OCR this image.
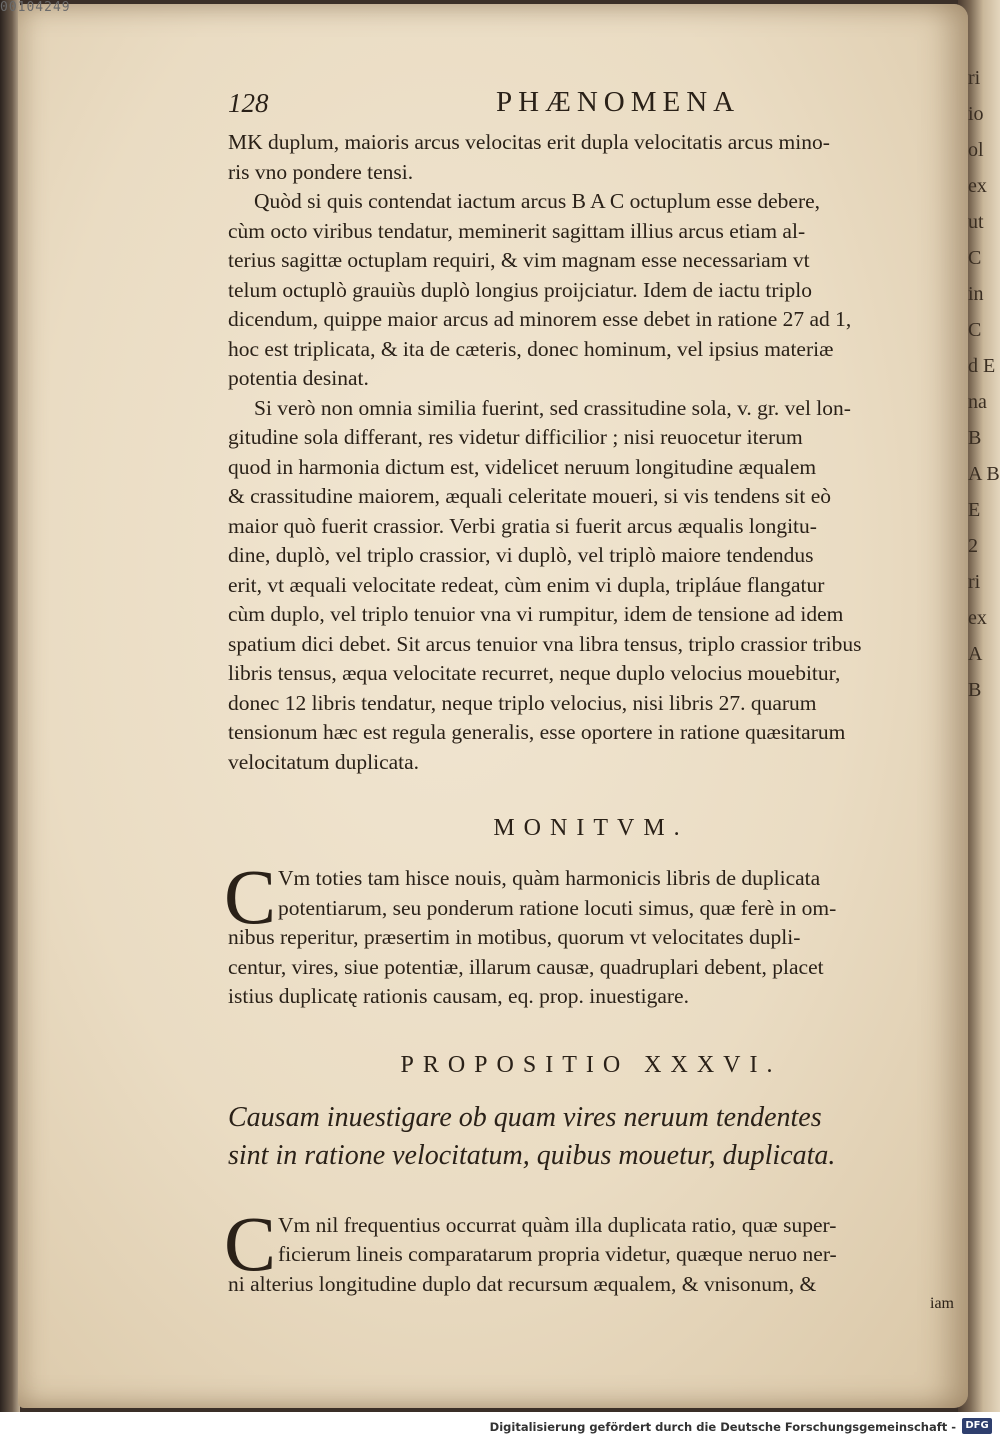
ri
io
ol
ex
ut
C
in
C
d E
na
B
A B
E
2
ri
ex
A
B
00104249
128	PHÆNOMENA

MK duplum, maioris arcus velocitas erit dupla velocitatis arcus mino-
ris vno pondere tensi.

Quòd si quis contendat iactum arcus B A C octuplum esse debere,
cùm octo viribus tendatur, meminerit sagittam illius arcus etiam al-
terius sagittæ octuplam requiri, & vim magnam esse necessariam vt
telum octuplò grauiùs duplò longius proijciatur. Idem de iactu triplo
dicendum, quippe maior arcus ad minorem esse debet in ratione 27 ad 1,
hoc est triplicata, & ita de cæteris, donec hominum, vel ipsius materiæ
potentia desinat.

Si verò non omnia similia fuerint, sed crassitudine sola, v. gr. vel lon-
gitudine sola differant, res videtur difficilior ; nisi reuocetur iterum
quod in harmonia dictum est, videlicet neruum longitudine æqualem
& crassitudine maiorem, æquali celeritate moueri, si vis tendens sit eò
maior quò fuerit crassior. Verbi gratia si fuerit arcus æqualis longitu-
dine, duplò, vel triplo crassior, vi duplò, vel triplò maiore tendendus
erit, vt æquali velocitate redeat, cùm enim vi dupla, tripláue flangatur
cùm duplo, vel triplo tenuior vna vi rumpitur, idem de tensione ad idem
spatium dici debet. Sit arcus tenuior vna libra tensus, triplo crassior tribus
libris tensus, æqua velocitate recurret, neque duplo velocius mouebitur,
donec 12 libris tendatur, neque triplo velocius, nisi libris 27. quarum
tensionum hæc est regula generalis, esse oportere in ratione quæsitarum
velocitatum duplicata.

MONITVM.

C Vm toties tam hisce nouis, quàm harmonicis libris de duplicata
potentiarum, seu ponderum ratione locuti simus, quæ ferè in om-
nibus reperitur, præsertim in motibus, quorum vt velocitates dupli-
centur, vires, siue potentiæ, illarum causæ, quadruplari debent, placet
istius duplicatę rationis causam, eq. prop. inuestigare.

PROPOSITIO XXXVI.

Causam inuestigare ob quam vires neruum tendentes
sint in ratione velocitatum, quibus mouetur, duplicata.

C Vm nil frequentius occurrat quàm illa duplicata ratio, quæ super-
ficierum lineis comparatarum propria videtur, quæque neruo ner-
ni alterius longitudine duplo dat recursum æqualem, & vnisonum, &

iam
Digitalisierung gefördert durch die Deutsche Forschungsgemeinschaft - DFG
